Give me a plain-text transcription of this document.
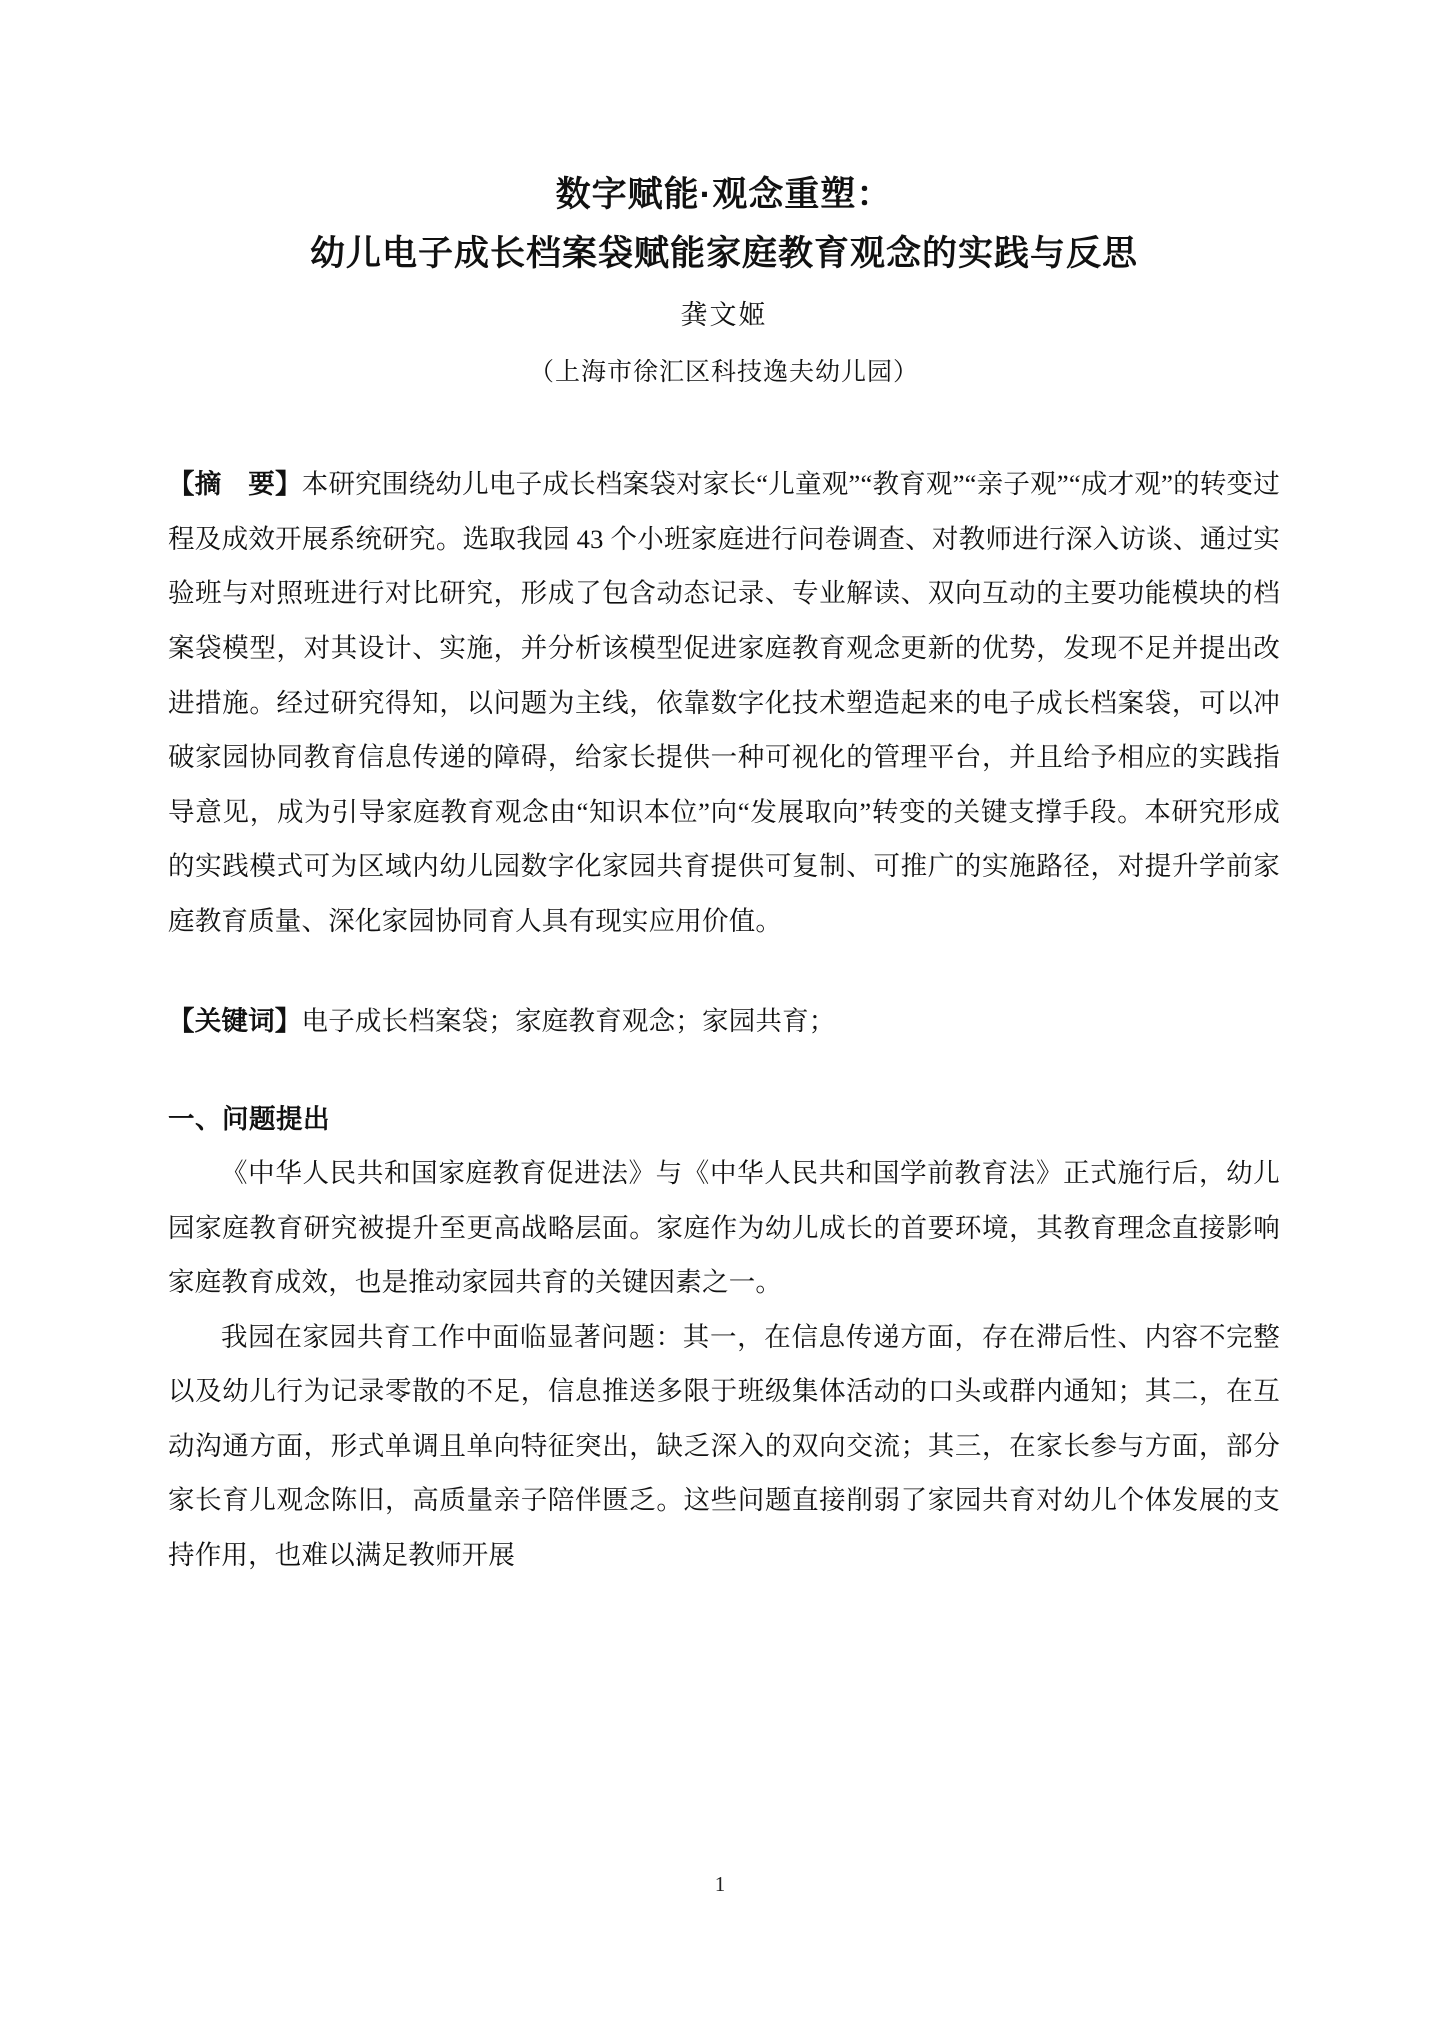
数字赋能·观念重塑：
幼儿电子成长档案袋赋能家庭教育观念的实践与反思
龚文姬
（上海市徐汇区科技逸夫幼儿园）
【摘　要】本研究围绕幼儿电子成长档案袋对家长“儿童观”“教育观”“亲子观”“成才观”的转变过程及成效开展系统研究。选取我园 43 个小班家庭进行问卷调查、对教师进行深入访谈、通过实验班与对照班进行对比研究，形成了包含动态记录、专业解读、双向互动的主要功能模块的档案袋模型，对其设计、实施，并分析该模型促进家庭教育观念更新的优势，发现不足并提出改进措施。经过研究得知，以问题为主线，依靠数字化技术塑造起来的电子成长档案袋，可以冲破家园协同教育信息传递的障碍，给家长提供一种可视化的管理平台，并且给予相应的实践指导意见，成为引导家庭教育观念由“知识本位”向“发展取向”转变的关键支撑手段。本研究形成的实践模式可为区域内幼儿园数字化家园共育提供可复制、可推广的实施路径，对提升学前家庭教育质量、深化家园协同育人具有现实应用价值。
【关键词】电子成长档案袋；家庭教育观念；家园共育；
一、问题提出

《中华人民共和国家庭教育促进法》与《中华人民共和国学前教育法》正式施行后，幼儿园家庭教育研究被提升至更高战略层面。家庭作为幼儿成长的首要环境，其教育理念直接影响家庭教育成效，也是推动家园共育的关键因素之一。

我园在家园共育工作中面临显著问题：其一，在信息传递方面，存在滞后性、内容不完整以及幼儿行为记录零散的不足，信息推送多限于班级集体活动的口头或群内通知；其二，在互动沟通方面，形式单调且单向特征突出，缺乏深入的双向交流；其三，在家长参与方面，部分家长育儿观念陈旧，高质量亲子陪伴匮乏。这些问题直接削弱了家园共育对幼儿个体发展的支持作用，也难以满足教师开展

1
